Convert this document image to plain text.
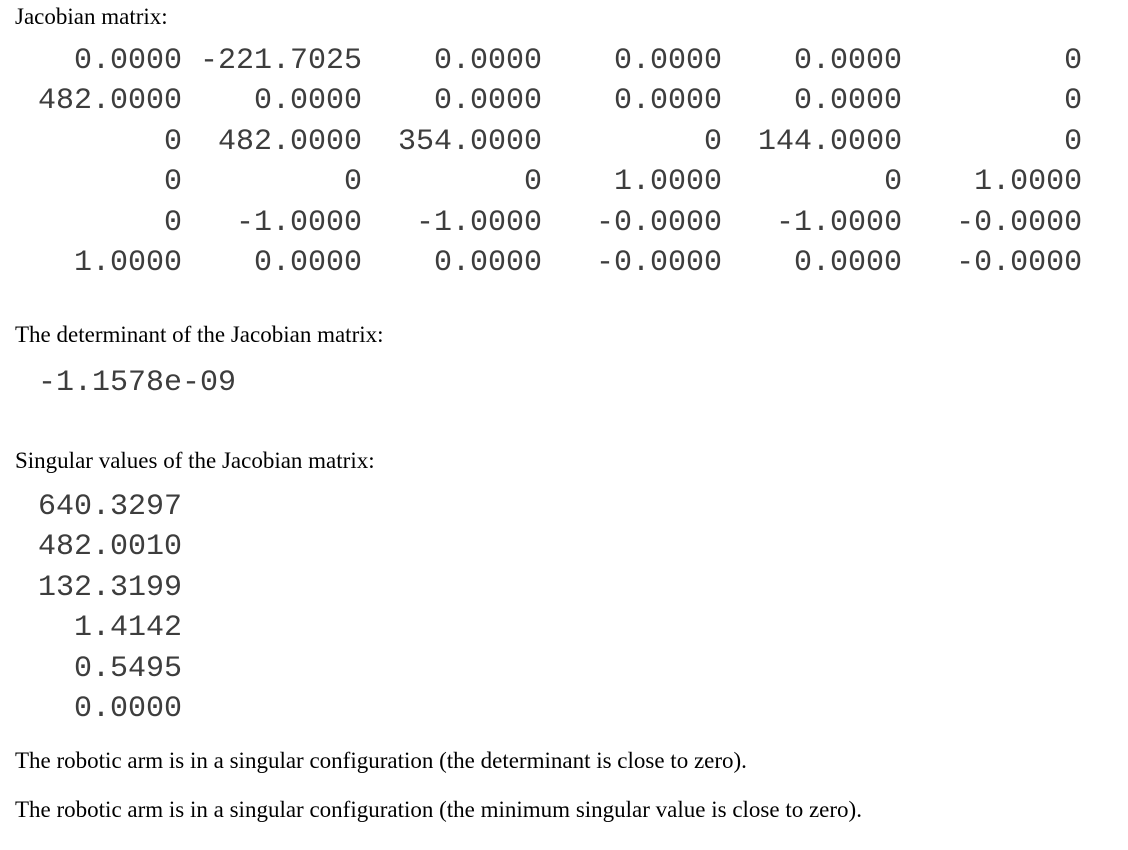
Jacobian matrix:
0.0000 -221.7025 0.0000 0.0000 0.0000	0
482.0000 0.0000 0.0000 0.0000 0.0000	0
0 482.0000 354.0000	0 144.0000	0
0	0	0 1.0000	0 1.0000
0 -1.0000 -1.0000 -0.0000 -1.0000 -0.0000
1.0000 0.0000 0.0000 -0.0000 0.0000 -0.0000
The determinant of the Jacobian matrix:
-1.1578e-09
Singular values of the Jacobian matrix:
640.3297
482.0010
132.3199
1.4142
0.5495
0.0000
The robotic arm is in a singular configuration (the determinant is close to zero).
The robotic arm is in a singular configuration (the minimum singular value is close to zero).
